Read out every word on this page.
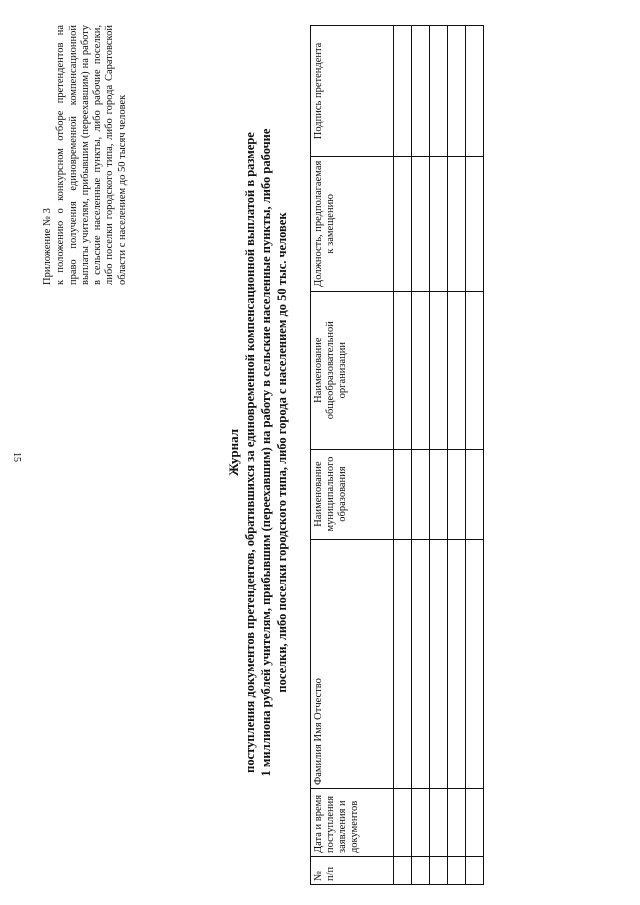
15
Приложение № 3 к положению о конкурсном отборе претендентов на право получения единовременной компенсационной выплаты учителям, прибывшим (переехавшим) на работу в сельские населенные пункты, либо рабочие поселки, либо поселки городского типа, либо города Саратовской области с населением до 50 тысяч человек

Журнал поступления документов претендентов, обратившихся за единовременной компенсационной выплатой в размере 1 миллиона рублей учителям, прибывшим (переехавшим) на работу в сельские населенные пункты, либо рабочие поселки, либо поселки городского типа, либо города с населением до 50 тыс. человек
№ п/п	Дата и время поступления заявления и документов	Фамилия Имя Отчество	Наименование муниципального образования	Наименование общеобразовательной организации	Должность, предполагаемая к замещению	Подпись претендента
